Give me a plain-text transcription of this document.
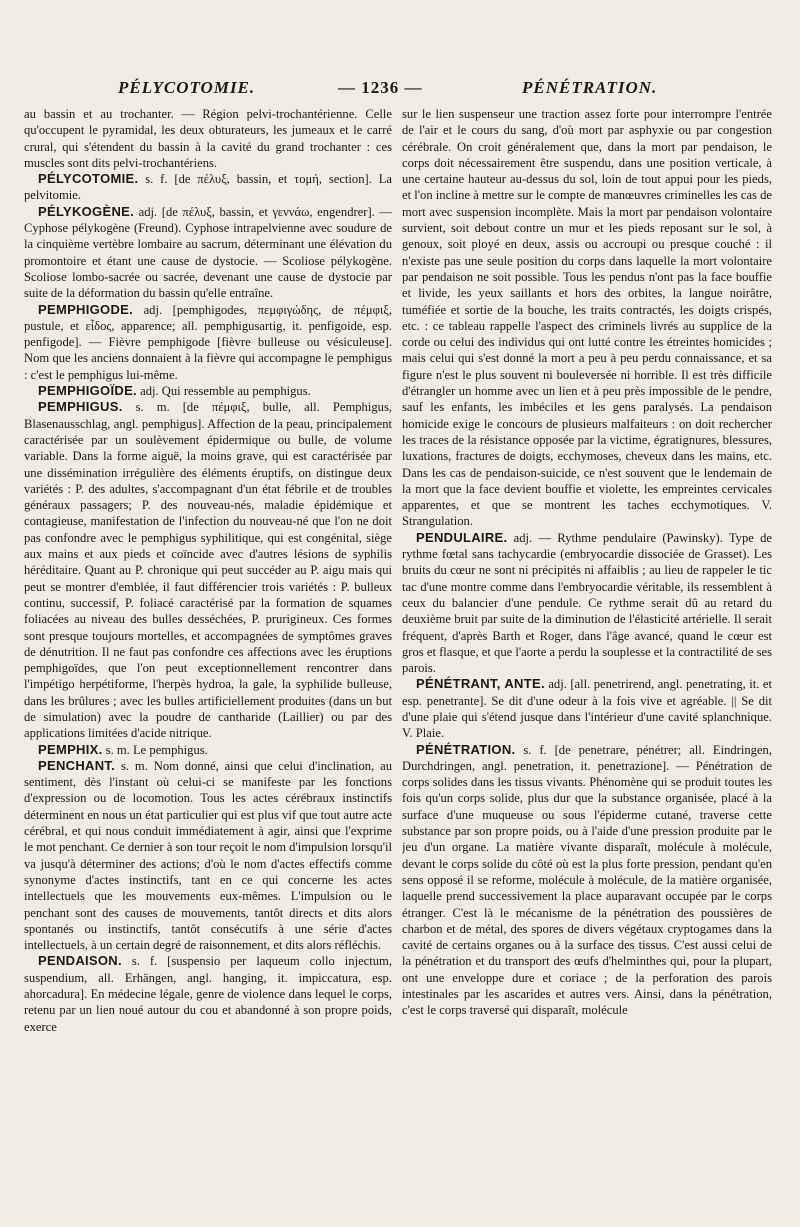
PÉLYCOTOMIE.	— 1236 —	PÉNÉTRATION.

au bassin et au trochanter. — Région pelvi-trochantérienne. Celle qu'occupent le pyramidal, les deux obturateurs, les jumeaux et le carré crural, qui s'étendent du bassin à la cavité du grand trochanter : ces muscles sont dits pelvi-trochantériens.

PÉLYCOTOMIE. s. f. [de πέλυξ, bassin, et τομή, section]. La pelvitomie.

PÉLYKOGÈNE. adj. [de πέλυξ, bassin, et γεννάω, engendrer]. — Cyphose pélykogène (Freund). Cyphose intrapelvienne avec soudure de la cinquième vertèbre lombaire au sacrum, déterminant une élévation du promontoire et étant une cause de dystocie. — Scoliose pélykogène. Scoliose lombo-sacrée ou sacrée, devenant une cause de dystocie par suite de la déformation du bassin qu'elle entraîne.

PEMPHIGODE. adj. [pemphigodes, πεμφιγώδης, de πέμφιξ, pustule, et εἶδος, apparence; all. pemphigusartig, it. penfigoide, esp. penfigode]. — Fièvre pemphigode [fièvre bulleuse ou vésiculeuse]. Nom que les anciens donnaient à la fièvre qui accompagne le pemphigus : c'est le pemphigus lui-même.

PEMPHIGOÏDE. adj. Qui ressemble au pemphigus.

PEMPHIGUS. s. m. [de πέμφιξ, bulle, all. Pemphigus, Blasenausschlag, angl. pemphigus]. Affection de la peau, principalement caractérisée par un soulèvement épidermique ou bulle, de volume variable. Dans la forme aiguë, la moins grave, qui est caractérisée par une dissémination irrégulière des éléments éruptifs, on distingue deux variétés : P. des adultes, s'accompagnant d'un état fébrile et de troubles généraux passagers; P. des nouveau-nés, maladie épidémique et contagieuse, manifestation de l'infection du nouveau-né que l'on ne doit pas confondre avec le pemphigus syphilitique, qui est congénital, siège aux mains et aux pieds et coïncide avec d'autres lésions de syphilis héréditaire. Quant au P. chronique qui peut succéder au P. aigu mais qui peut se montrer d'emblée, il faut différencier trois variétés : P. bulleux continu, successif, P. foliacé caractérisé par la formation de squames foliacées au niveau des bulles desséchées, P. prurigineux. Ces formes sont presque toujours mortelles, et accompagnées de symptômes graves de dénutrition. Il ne faut pas confondre ces affections avec les éruptions pemphigoïdes, que l'on peut exceptionnellement rencontrer dans l'impétigo herpétiforme, l'herpès hydroa, la gale, la syphilide bulleuse, dans les brûlures ; avec les bulles artificiellement produites (dans un but de simulation) avec la poudre de cantharide (Laillier) ou par des applications limitées d'acide nitrique.

PEMPHIX. s. m. Le pemphigus.

PENCHANT. s. m. Nom donné, ainsi que celui d'inclination, au sentiment, dès l'instant où celui-ci se manifeste par les fonctions d'expression ou de locomotion. Tous les actes cérébraux instinctifs déterminent en nous un état particulier qui est plus vif que tout autre acte cérébral, et qui nous conduit immédiatement à agir, ainsi que l'exprime le mot penchant. Ce dernier à son tour reçoit le nom d'impulsion lorsqu'il va jusqu'à déterminer des actions; d'où le nom d'actes effectifs comme synonyme d'actes instinctifs, tant en ce qui concerne les actes intellectuels que les mouvements eux-mêmes. L'impulsion ou le penchant sont des causes de mouvements, tantôt directs et dits alors spontanés ou instinctifs, tantôt consécutifs à une série d'actes intellectuels, à un certain degré de raisonnement, et dits alors réfléchis.

PENDAISON. s. f. [suspensio per laqueum collo injectum, suspendium, all. Erhängen, angl. hanging, it. impiccatura, esp. ahorcadura]. En médecine légale, genre de violence dans lequel le corps, retenu par un lien noué autour du cou et abandonné à son propre poids, exerce

sur le lien suspenseur une traction assez forte pour interrompre l'entrée de l'air et le cours du sang, d'où mort par asphyxie ou par congestion cérébrale. On croit généralement que, dans la mort par pendaison, le corps doit nécessairement être suspendu, dans une position verticale, à une certaine hauteur au-dessus du sol, loin de tout appui pour les pieds, et l'on incline à mettre sur le compte de manœuvres criminelles les cas de mort avec suspension incomplète. Mais la mort par pendaison volontaire survient, soit debout contre un mur et les pieds reposant sur le sol, à genoux, soit ployé en deux, assis ou accroupi ou presque couché : il n'existe pas une seule position du corps dans laquelle la mort volontaire par pendaison ne soit possible. Tous les pendus n'ont pas la face bouffie et livide, les yeux saillants et hors des orbites, la langue noirâtre, tuméfiée et sortie de la bouche, les traits contractés, les doigts crispés, etc. : ce tableau rappelle l'aspect des criminels livrés au supplice de la corde ou celui des individus qui ont lutté contre les étreintes homicides ; mais celui qui s'est donné la mort a peu à peu perdu connaissance, et sa figure n'est le plus souvent ni bouleversée ni horrible. Il est très difficile d'étrangler un homme avec un lien et à peu près impossible de le pendre, sauf les enfants, les imbéciles et les gens paralysés. La pendaison homicide exige le concours de plusieurs malfaiteurs : on doit rechercher les traces de la résistance opposée par la victime, égratignures, blessures, luxations, fractures de doigts, ecchymoses, cheveux dans les mains, etc. Dans les cas de pendaison-suicide, ce n'est souvent que le lendemain de la mort que la face devient bouffie et violette, les empreintes cervicales apparentes, et que se montrent les taches ecchymotiques. V. Strangulation.

PENDULAIRE. adj. — Rythme pendulaire (Pawinsky). Type de rythme fœtal sans tachycardie (embryocardie dissociée de Grasset). Les bruits du cœur ne sont ni précipités ni affaiblis ; au lieu de rappeler le tic tac d'une montre comme dans l'embryocardie véritable, ils ressemblent à ceux du balancier d'une pendule. Ce rythme serait dû au retard du deuxième bruit par suite de la diminution de l'élasticité artérielle. Il serait fréquent, d'après Barth et Roger, dans l'âge avancé, quand le cœur est gros et flasque, et que l'aorte a perdu la souplesse et la contractilité de ses parois.

PÉNÉTRANT, ANTE. adj. [all. penetrirend, angl. penetrating, it. et esp. penetrante]. Se dit d'une odeur à la fois vive et agréable. || Se dit d'une plaie qui s'étend jusque dans l'intérieur d'une cavité splanchnique. V. Plaie.

PÉNÉTRATION. s. f. [de penetrare, pénétrer; all. Eindringen, Durchdringen, angl. penetration, it. penetrazione]. — Pénétration de corps solides dans les tissus vivants. Phénomène qui se produit toutes les fois qu'un corps solide, plus dur que la substance organisée, placé à la surface d'une muqueuse ou sous l'épiderme cutané, traverse cette substance par son propre poids, ou à l'aide d'une pression produite par le jeu d'un organe. La matière vivante disparaît, molécule à molécule, devant le corps solide du côté où est la plus forte pression, pendant qu'en sens opposé il se reforme, molécule à molécule, de la matière organisée, laquelle prend successivement la place auparavant occupée par le corps étranger. C'est là le mécanisme de la pénétration des poussières de charbon et de métal, des spores de divers végétaux cryptogames dans la cavité de certains organes ou à la surface des tissus. C'est aussi celui de la pénétration et du transport des œufs d'helminthes qui, pour la plupart, ont une enveloppe dure et coriace ; de la perforation des parois intestinales par les ascarides et autres vers. Ainsi, dans la pénétration, c'est le corps traversé qui disparaît, molécule
